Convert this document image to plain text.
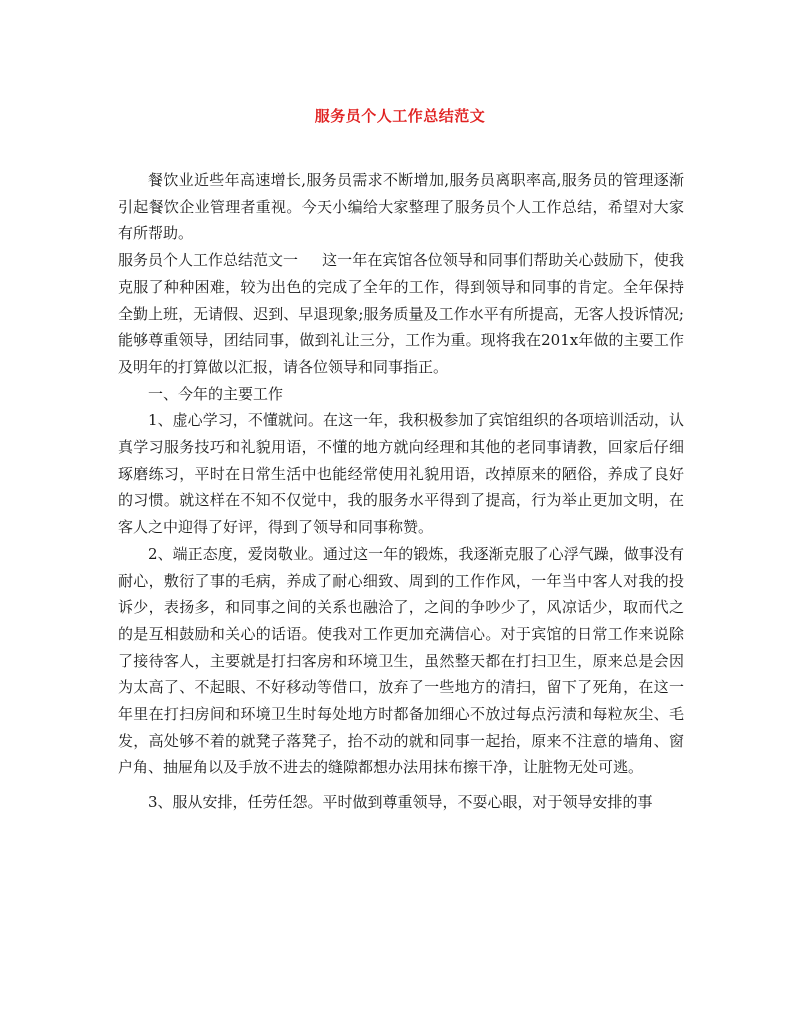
服务员个人工作总结范文

餐饮业近些年高速增长,服务员需求不断增加,服务员离职率高,服务员的管理逐渐引起餐饮企业管理者重视。今天小编给大家整理了服务员个人工作总结，希望对大家有所帮助。

服务员个人工作总结范文一 这一年在宾馆各位领导和同事们帮助关心鼓励下，使我克服了种种困难，较为出色的完成了全年的工作，得到领导和同事的肯定。全年保持全勤上班，无请假、迟到、早退现象;服务质量及工作水平有所提高，无客人投诉情况;能够尊重领导，团结同事，做到礼让三分，工作为重。现将我在201x年做的主要工作及明年的打算做以汇报，请各位领导和同事指正。

一、今年的主要工作

1、虚心学习，不懂就问。在这一年，我积极参加了宾馆组织的各项培训活动，认真学习服务技巧和礼貌用语，不懂的地方就向经理和其他的老同事请教，回家后仔细琢磨练习，平时在日常生活中也能经常使用礼貌用语，改掉原来的陋俗，养成了良好的习惯。就这样在不知不仅觉中，我的服务水平得到了提高，行为举止更加文明，在客人之中迎得了好评，得到了领导和同事称赞。

2、端正态度，爱岗敬业。通过这一年的锻炼，我逐渐克服了心浮气躁，做事没有耐心，敷衍了事的毛病，养成了耐心细致、周到的工作作风，一年当中客人对我的投诉少，表扬多，和同事之间的关系也融洽了，之间的争吵少了，风凉话少，取而代之的是互相鼓励和关心的话语。使我对工作更加充满信心。对于宾馆的日常工作来说除了接待客人，主要就是打扫客房和环境卫生，虽然整天都在打扫卫生，原来总是会因为太高了、不起眼、不好移动等借口，放弃了一些地方的清扫，留下了死角，在这一年里在打扫房间和环境卫生时每处地方时都备加细心不放过每点污渍和每粒灰尘、毛发，高处够不着的就凳子落凳子，抬不动的就和同事一起抬，原来不注意的墙角、窗户角、抽屉角以及手放不进去的缝隙都想办法用抹布擦干净，让脏物无处可逃。

3、服从安排，任劳任怨。平时做到尊重领导，不耍心眼，对于领导安排的事
